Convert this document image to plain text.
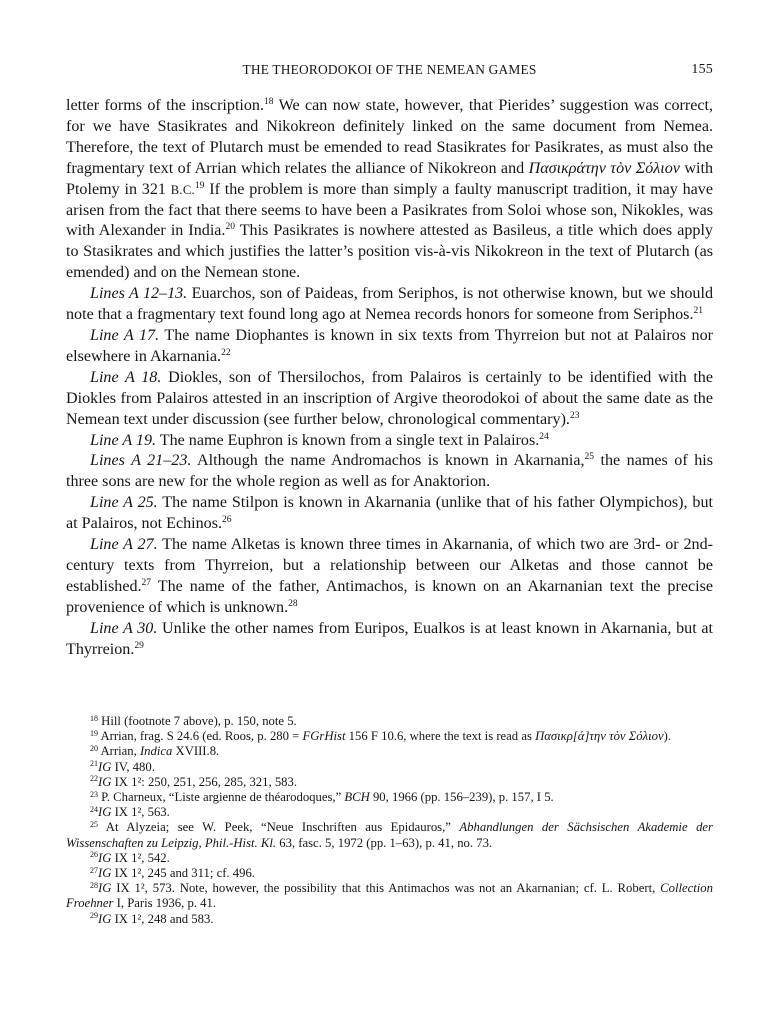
THE THEORODOKOI OF THE NEMEAN GAMES	155

letter forms of the inscription.$^{18}$ We can now state, however, that Pierides’ suggestion was correct, for we have Stasikrates and Nikokreon definitely linked on the same document from Nemea. Therefore, the text of Plutarch must be emended to read Stasikrates for Pasikrates, as must also the fragmentary text of Arrian which relates the alliance of Nikokreon and Πασικράτην τὸν Σόλιον with Ptolemy in 321 B.C.$^{19}$ If the problem is more than simply a faulty manuscript tradition, it may have arisen from the fact that there seems to have been a Pasikrates from Soloi whose son, Nikokles, was with Alexander in India.$^{20}$ This Pasikrates is nowhere attested as Basileus, a title which does apply to Stasikrates and which justifies the latter’s position vis-à-vis Nikokreon in the text of Plutarch (as emended) and on the Nemean stone.

Lines A 12–13. Euarchos, son of Paideas, from Seriphos, is not otherwise known, but we should note that a fragmentary text found long ago at Nemea records honors for someone from Seriphos.$^{21}$

Line A 17. The name Diophantes is known in six texts from Thyrreion but not at Palairos nor elsewhere in Akarnania.$^{22}$

Line A 18. Diokles, son of Thersilochos, from Palairos is certainly to be identified with the Diokles from Palairos attested in an inscription of Argive theorodokoi of about the same date as the Nemean text under discussion (see further below, chronological commentary).$^{23}$

Line A 19. The name Euphron is known from a single text in Palairos.$^{24}$

Lines A 21–23. Although the name Andromachos is known in Akarnania,$^{25}$ the names of his three sons are new for the whole region as well as for Anaktorion.

Line A 25. The name Stilpon is known in Akarnania (unlike that of his father Olympichos), but at Palairos, not Echinos.$^{26}$

Line A 27. The name Alketas is known three times in Akarnania, of which two are 3rd- or 2nd-century texts from Thyrreion, but a relationship between our Alketas and those cannot be established.$^{27}$ The name of the father, Antimachos, is known on an Akarnanian text the precise provenience of which is unknown.$^{28}$

Line A 30. Unlike the other names from Euripos, Eualkos is at least known in Akarnania, but at Thyrreion.$^{29}$

$^{18}$ Hill (footnote 7 above), p. 150, note 5.

$^{19}$ Arrian, frag. S 24.6 (ed. Roos, p. 280 = FGrHist 156 F 10.6, where the text is read as Πασικρ[ά]την τὸν Σόλιον).

$^{20}$ Arrian, Indica XVIII.8.

$^{21}$IG IV, 480.

$^{22}$IG IX 1²: 250, 251, 256, 285, 321, 583.

$^{23}$ P. Charneux, “Liste argienne de théarodoques,” BCH 90, 1966 (pp. 156–239), p. 157, I 5.

$^{24}$IG IX 1², 563.

$^{25}$ At Alyzeia; see W. Peek, “Neue Inschriften aus Epidauros,” Abhandlungen der Sächsischen Akademie der Wissenschaften zu Leipzig, Phil.-Hist. Kl. 63, fasc. 5, 1972 (pp. 1–63), p. 41, no. 73.

$^{26}$IG IX 1², 542.

$^{27}$IG IX 1², 245 and 311; cf. 496.

$^{28}$IG IX 1², 573. Note, however, the possibility that this Antimachos was not an Akarnanian; cf. L. Robert, Collection Froehner I, Paris 1936, p. 41.

$^{29}$IG IX 1², 248 and 583.
